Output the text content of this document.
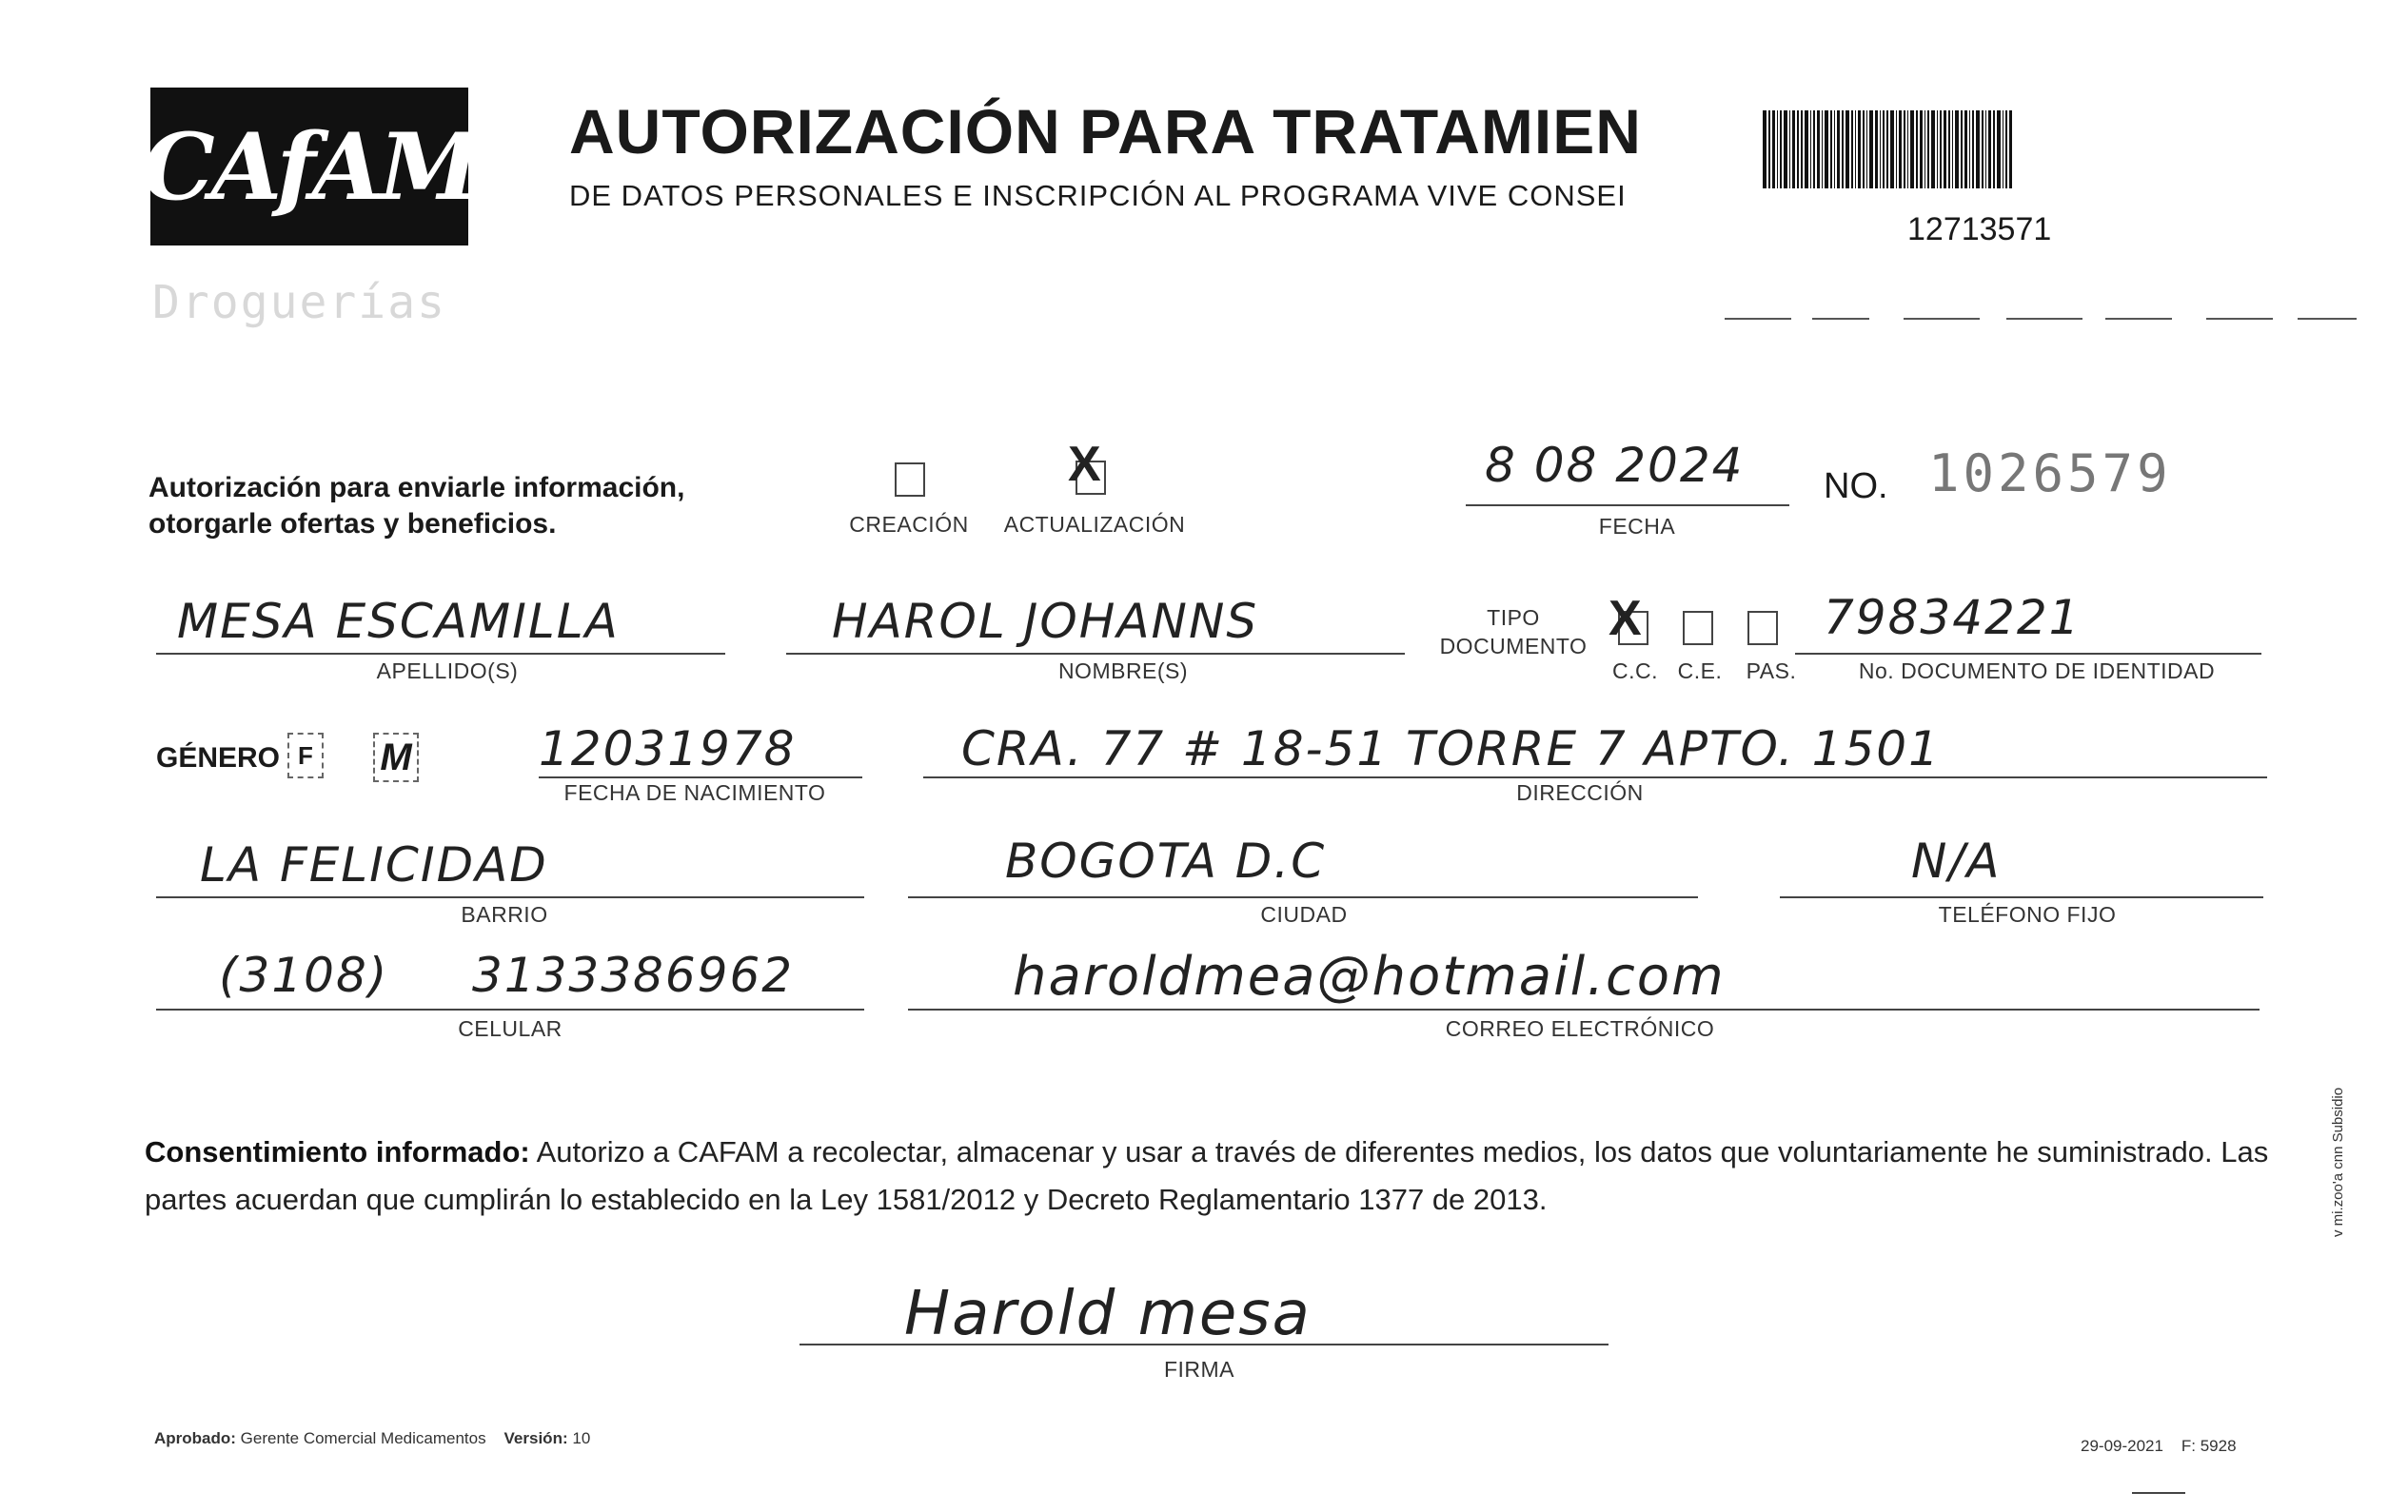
CAfAM
Droguerías
AUTORIZACIÓN PARA TRATAMIEN
DE DATOS PERSONALES E INSCRIPCIÓN AL PROGRAMA VIVE CONSEI
12713571
Autorización para enviarle información,
otorgarle ofertas y beneficios.	CREACIÓN
X
ACTUALIZACIÓN
8 08 2024
FECHA
NO. 1026579
MESA ESCAMILLA
APELLIDO(S)
HAROL JOHANNS
NOMBRE(S)
TIPO
DOCUMENTO X
C.C. C.E.	PAS.
79834221
No. DOCUMENTO DE IDENTIDAD
GÉNERO F M	12031978
FECHA DE NACIMIENTO
CRA. 77 # 18-51 TORRE 7 APTO. 1501
DIRECCIÓN
LA FELICIDAD
BARRIO
BOGOTA D.C
CIUDAD
N/A
TELÉFONO FIJO
(3108) 3133386962
CELULAR
haroldmea@hotmail.com
CORREO ELECTRÓNICO
Consentimiento informado: Autorizo a CAFAM a recolectar, almacenar y usar a través de diferentes medios, los datos que voluntariamente he suministrado. Las partes acuerdan que cumplirán lo establecido en la Ley 1581/2012 y Decreto Reglamentario 1377 de 2013.
Harold mesa
FIRMA
Aprobado: Gerente Comercial Medicamentos Versión: 10	29-09-2021 F: 5928
v mi.zoo'a cnn Subsidio
